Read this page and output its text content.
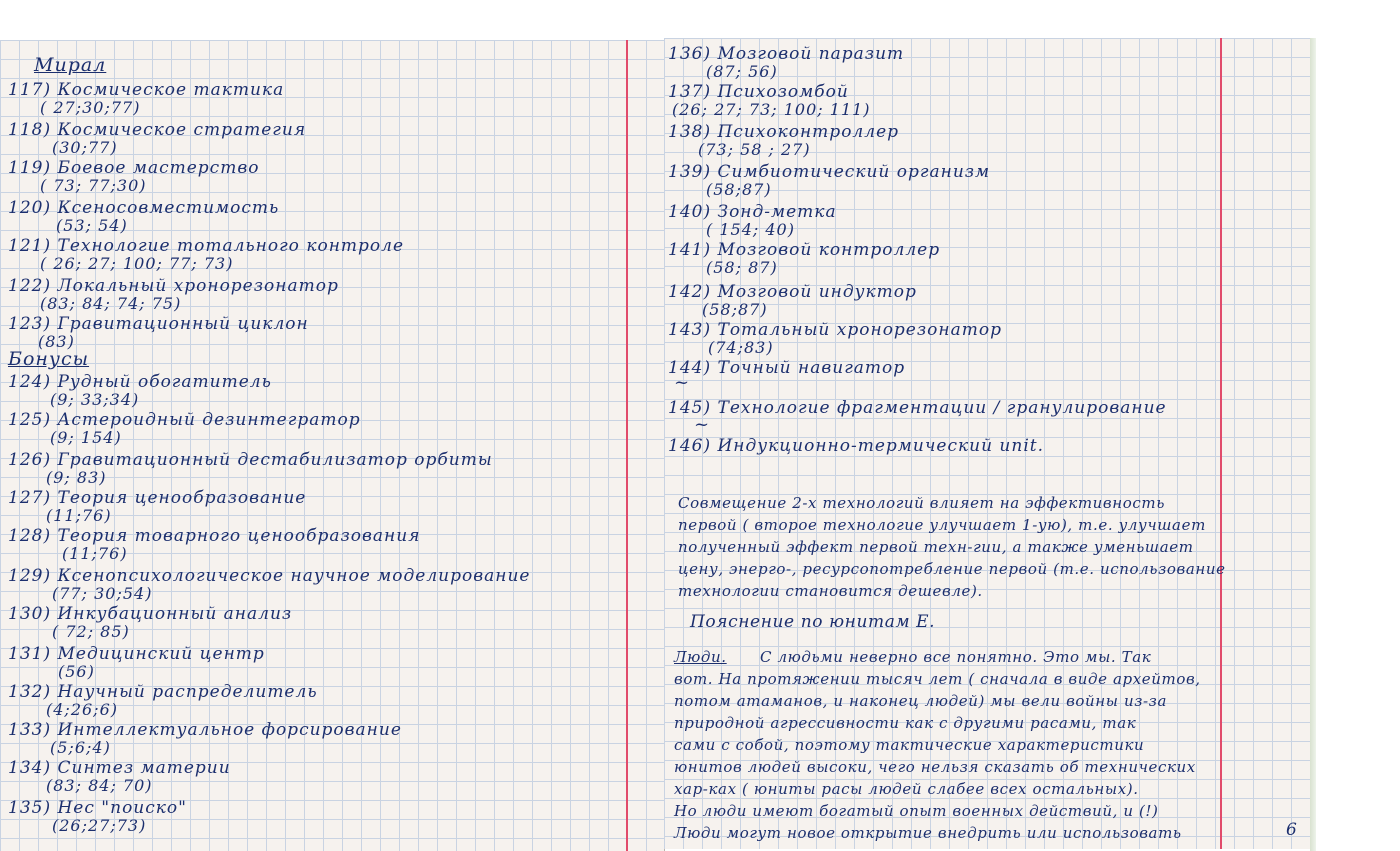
Мирал
117) Космическое тактика
( 27;30;77)
118) Космическое стратегия
(30;77)
119) Боевое мастерство
( 73; 77;30)
120) Ксеносовместимость
(53; 54)
121) Технологие тотального контроле
( 26; 27; 100; 77; 73)
122) Локальный хронорезонатор
(83; 84; 74; 75)
123) Гравитационный циклон
(83)
Бонусы
124) Рудный обогатитель
(9; 33;34)
125) Астероидный дезинтегратор
(9; 154)
126) Гравитационный дестабилизатор орбиты
(9; 83)
127) Теория ценообразование
(11;76)
128) Теория товарного ценообразования
(11;76)
129) Ксенопсихологическое научное моделирование
(77; 30;54)
130) Инкубационный анализ
( 72; 85)
131) Медицинский центр
(56)
132) Научный распределитель
(4;26;6)
133) Интеллектуальное форсирование
(5;6;4)
134) Синтез материи
(83; 84; 70)
135) Нес "поиско"
(26;27;73)
136) Мозговой паразит
(87; 56)
137) Психозомбой
(26; 27; 73; 100; 111)
138) Психоконтроллер
(73; 58 ; 27)
139) Симбиотический организм
(58;87)
140) Зонд-метка
( 154; 40)
141) Мозговой контроллер
(58; 87)
142) Мозговой индуктор
(58;87)
143) Тотальный хронорезонатор
(74;83)
144) Точный навигатор
~
145) Технологие фрагментации / гранулирование
~
146) Индукционно-термический unit.
Совмещение 2-х технологий влияет на эффективность
первой ( второе технологие улучшает 1-ую), т.е. улучшает
полученный эффект первой техн-гии, а также уменьшает
цену, энерго-, ресурсопотребление первой (т.е. использование
технологии становится дешевле).
Пояснение по юнитам Е.
Люди. С людьми неверно все понятно. Это мы. Так
вот. На протяжении тысяч лет ( сначала в виде архейтов,
потом атаманов, и наконец людей) мы вели войны из-за
природной агрессивности как с другими расами, так
сами с собой, поэтому тактические характеристики
юнитов людей высоки, чего нельзя сказать об технических
хар-ках ( юниты расы людей слабее всех остальных).
Но люди имеют богатый опыт военных действий, и (!)
Люди могут новое открытие внедрить или использовать	6
